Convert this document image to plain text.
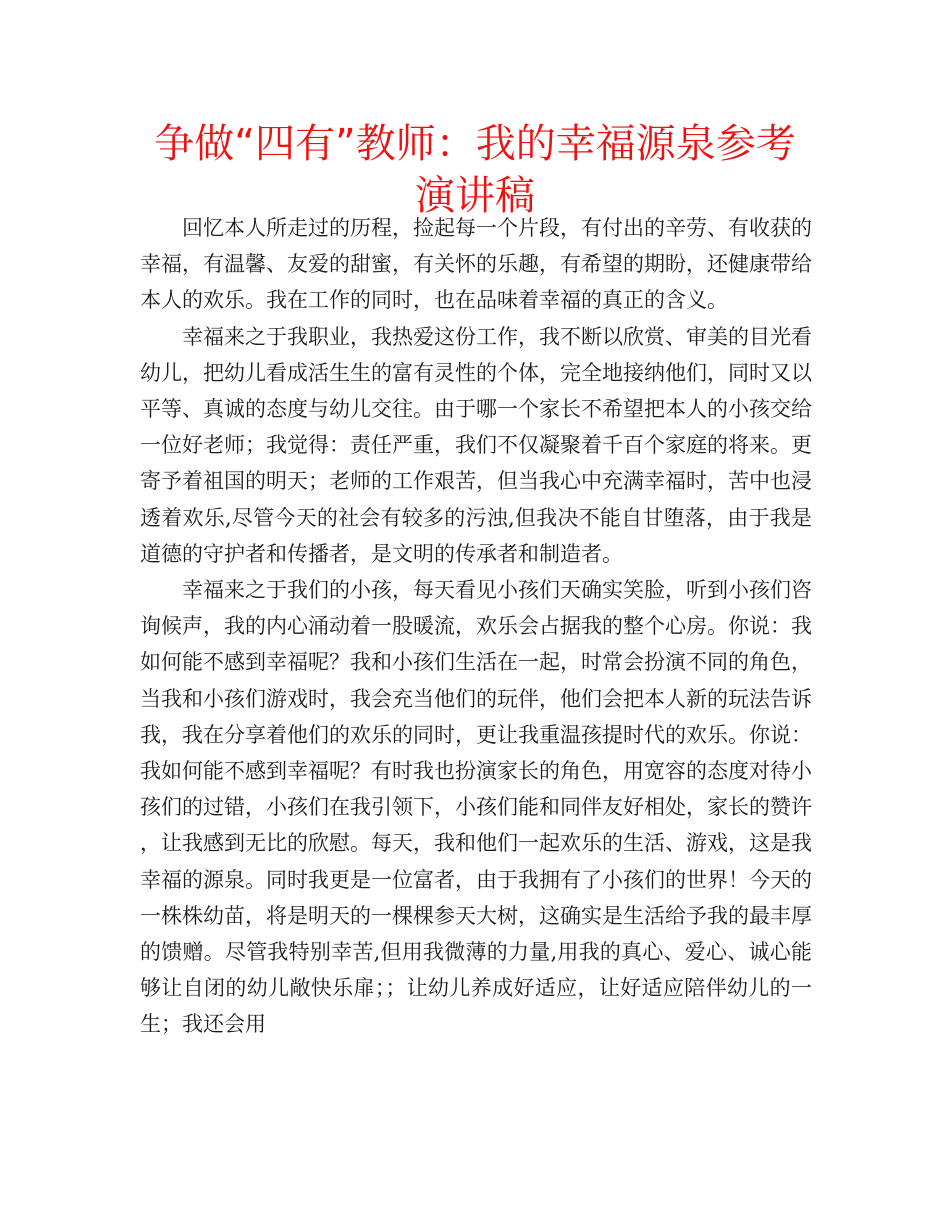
争做“四有”教师：我的幸福源泉参考演讲稿

回忆本人所走过的历程，捡起每一个片段，有付出的辛劳、有收获的幸福，有温馨、友爱的甜蜜，有关怀的乐趣，有希望的期盼，还健康带给本人的欢乐。我在工作的同时，也在品味着幸福的真正的含义。

幸福来之于我职业，我热爱这份工作，我不断以欣赏、审美的目光看幼儿，把幼儿看成活生生的富有灵性的个体，完全地接纳他们，同时又以平等、真诚的态度与幼儿交往。由于哪一个家长不希望把本人的小孩交给一位好老师；我觉得：责任严重，我们不仅凝聚着千百个家庭的将来。更寄予着祖国的明天；老师的工作艰苦，但当我心中充满幸福时，苦中也浸透着欢乐,尽管今天的社会有较多的污浊,但我决不能自甘堕落，由于我是道德的守护者和传播者，是文明的传承者和制造者。

幸福来之于我们的小孩，每天看见小孩们天确实笑脸，听到小孩们咨询候声，我的内心涌动着一股暖流，欢乐会占据我的整个心房。你说：我如何能不感到幸福呢？我和小孩们生活在一起，时常会扮演不同的角色，当我和小孩们游戏时，我会充当他们的玩伴，他们会把本人新的玩法告诉我，我在分享着他们的欢乐的同时，更让我重温孩提时代的欢乐。你说：我如何能不感到幸福呢？有时我也扮演家长的角色，用宽容的态度对待小孩们的过错，小孩们在我引领下，小孩们能和同伴友好相处，家长的赞许，让我感到无比的欣慰。每天，我和他们一起欢乐的生活、游戏，这是我幸福的源泉。同时我更是一位富者，由于我拥有了小孩们的世界！今天的一株株幼苗，将是明天的一棵棵参天大树，这确实是生活给予我的最丰厚的馈赠。尽管我特别幸苦,但用我微薄的力量,用我的真心、爱心、诚心能够让自闭的幼儿敞快乐扉；；让幼儿养成好适应，让好适应陪伴幼儿的一生；我还会用
